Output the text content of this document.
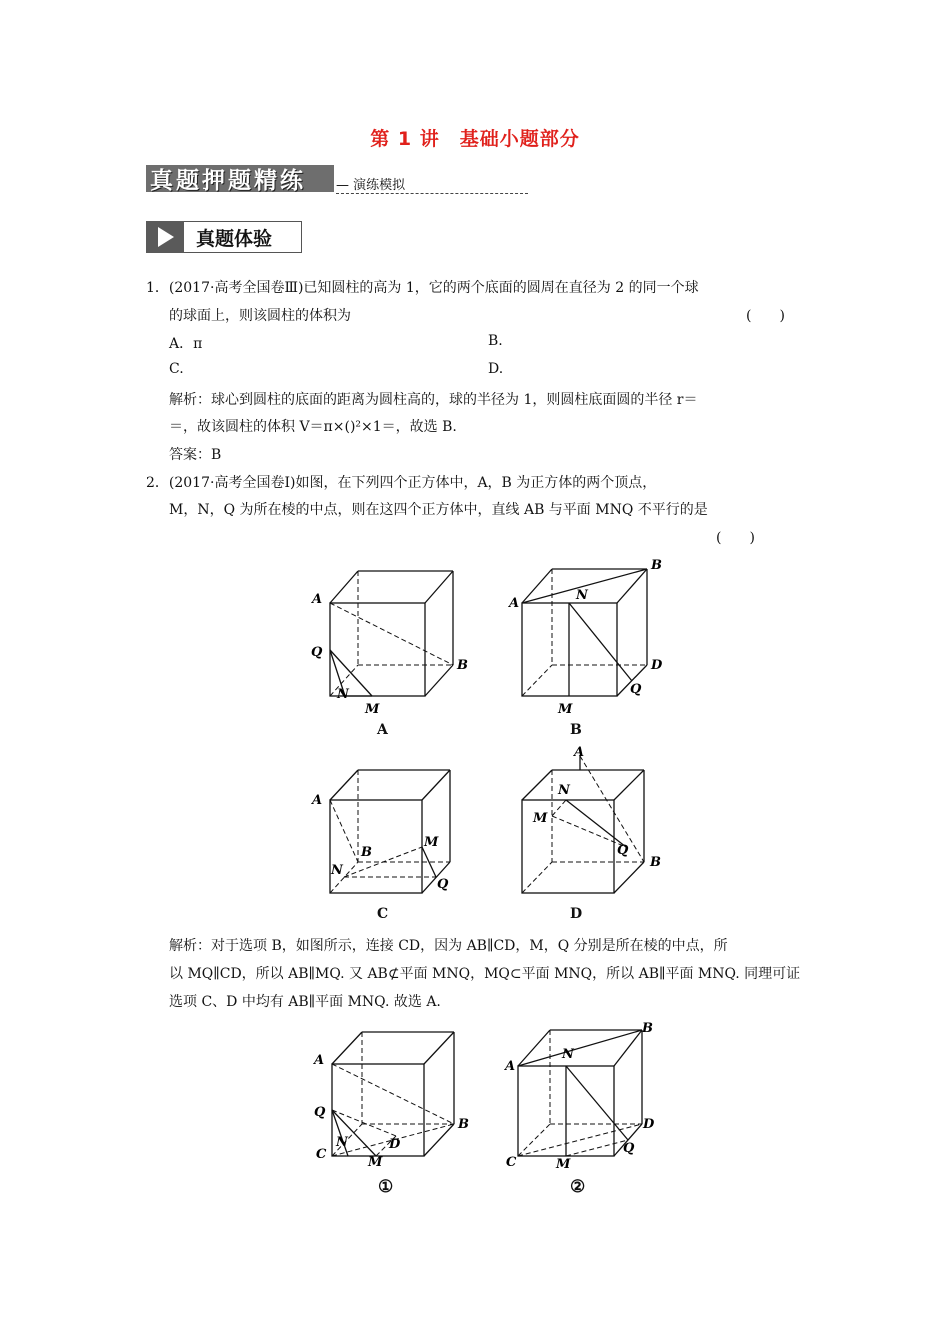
第 1 讲　基础小题部分
真题押题精练 — 演练模拟
真题体验
1．(2017·高考全国卷Ⅲ)已知圆柱的高为 1，它的两个底面的圆周在直径为 2 的同一个球
的球面上，则该圆柱的体积为	(　　)
A．π	B.
C.	D.
解析：球心到圆柱的底面的距离为圆柱高的，球的半径为 1，则圆柱底面圆的半径 r＝
＝，故该圆柱的体积 V＝π×()²×1＝，故选 B.
答案：B
2．(2017·高考全国卷Ⅰ)如图，在下列四个正方体中，A，B 为正方体的两个顶点，
M，N，Q 为所在棱的中点，则在这四个正方体中，直线 AB 与平面 MNQ 不平行的是
(　　)
A
B
Q
N
M
A
A
B
N
D
Q
M
B
A
B
M
N
Q
C
A
N
M
Q
B
D
解析：对于选项 B，如图所示，连接 CD，因为 AB∥CD，M，Q 分别是所在棱的中点，所
以 MQ∥CD，所以 AB∥MQ. 又 AB⊄平面 MNQ，MQ⊂平面 MNQ，所以 AB∥平面 MNQ. 同理可证
选项 C、D 中均有 AB∥平面 MNQ. 故选 A.
A
B
Q
N	D
C
M
①
A
B
N
D
Q
C	M
②
